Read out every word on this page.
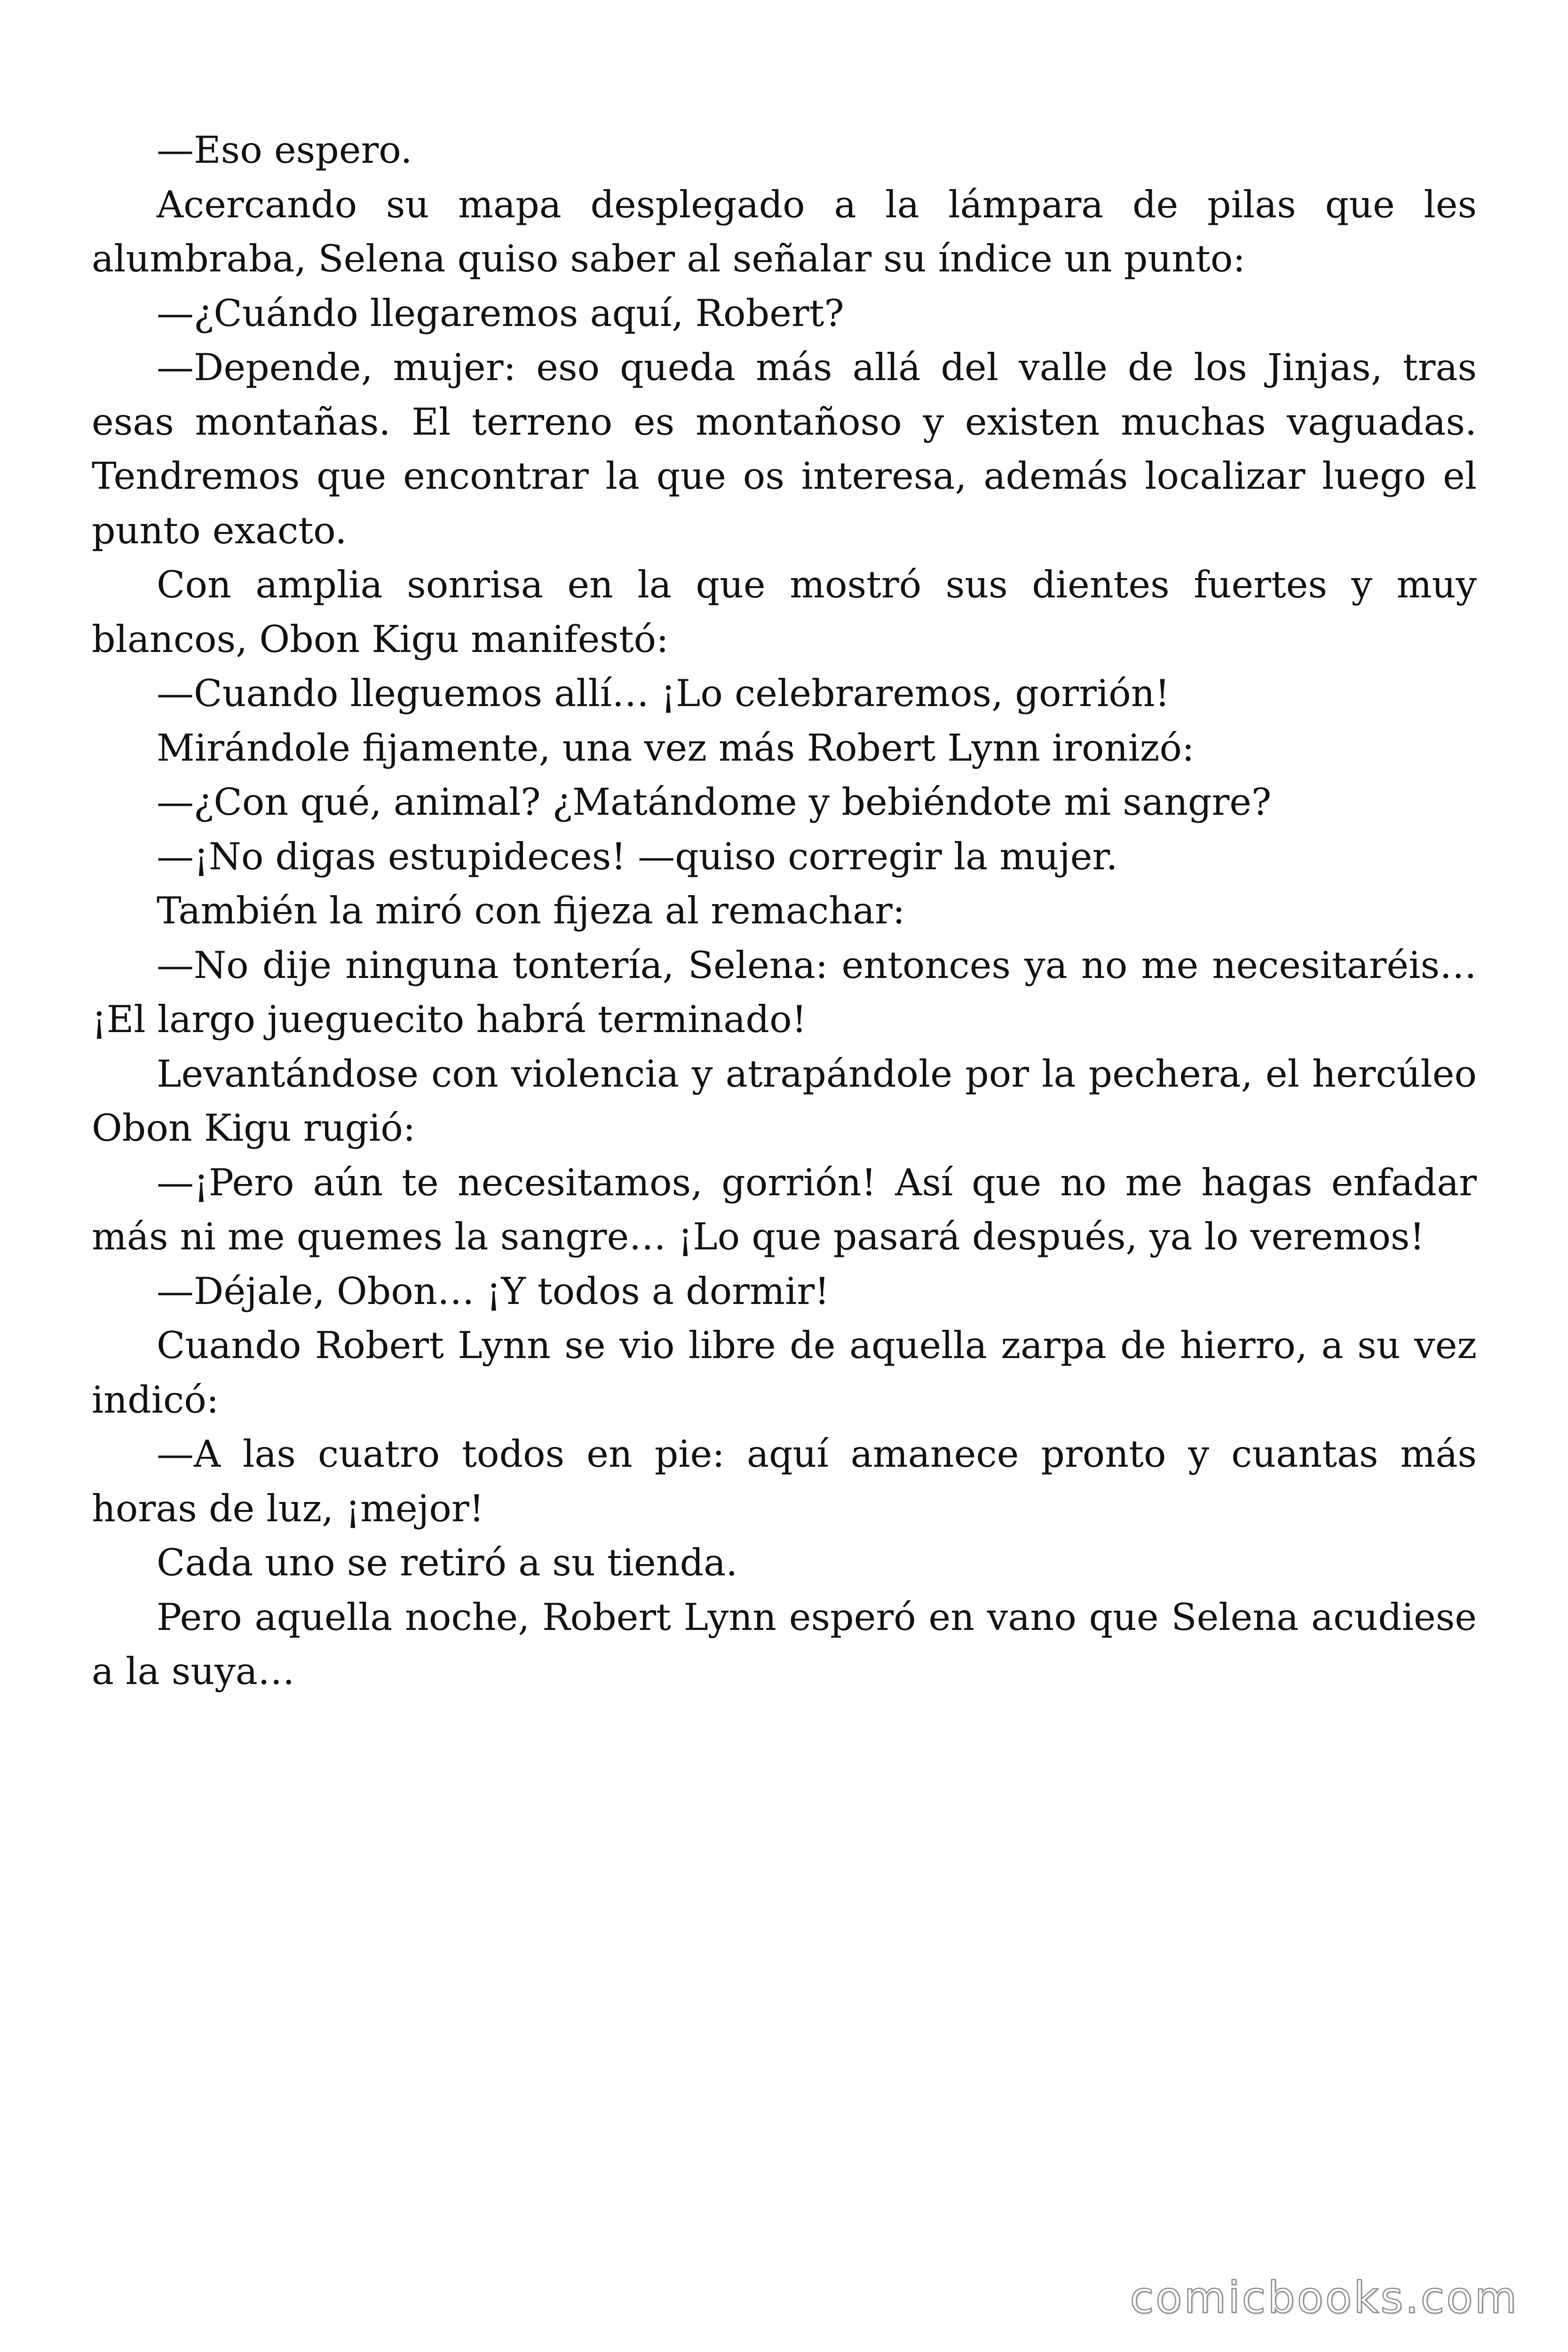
—Eso espero.

Acercando su mapa desplegado a la lámpara de pilas que les alumbraba, Selena quiso saber al señalar su índice un punto:

—¿Cuándo llegaremos aquí, Robert?

—Depende, mujer: eso queda más allá del valle de los Jinjas, tras esas montañas. El terreno es montañoso y existen muchas vaguadas. Tendremos que encontrar la que os interesa, además localizar luego el punto exacto.

Con amplia sonrisa en la que mostró sus dientes fuertes y muy blancos, Obon Kigu manifestó:

—Cuando lleguemos allí… ¡Lo celebraremos, gorrión!

Mirándole fijamente, una vez más Robert Lynn ironizó:

—¿Con qué, animal? ¿Matándome y bebiéndote mi sangre?

—¡No digas estupideces! —quiso corregir la mujer.

También la miró con fijeza al remachar:

—No dije ninguna tontería, Selena: entonces ya no me necesitaréis… ¡El largo jueguecito habrá terminado!

Levantándose con violencia y atrapándole por la pechera, el hercúleo Obon Kigu rugió:

—¡Pero aún te necesitamos, gorrión! Así que no me hagas enfadar más ni me quemes la sangre… ¡Lo que pasará después, ya lo veremos!

—Déjale, Obon… ¡Y todos a dormir!

Cuando Robert Lynn se vio libre de aquella zarpa de hierro, a su vez indicó:

—A las cuatro todos en pie: aquí amanece pronto y cuantas más horas de luz, ¡mejor!

Cada uno se retiró a su tienda.

Pero aquella noche, Robert Lynn esperó en vano que Selena acudiese a la suya…

comicbooks.com
